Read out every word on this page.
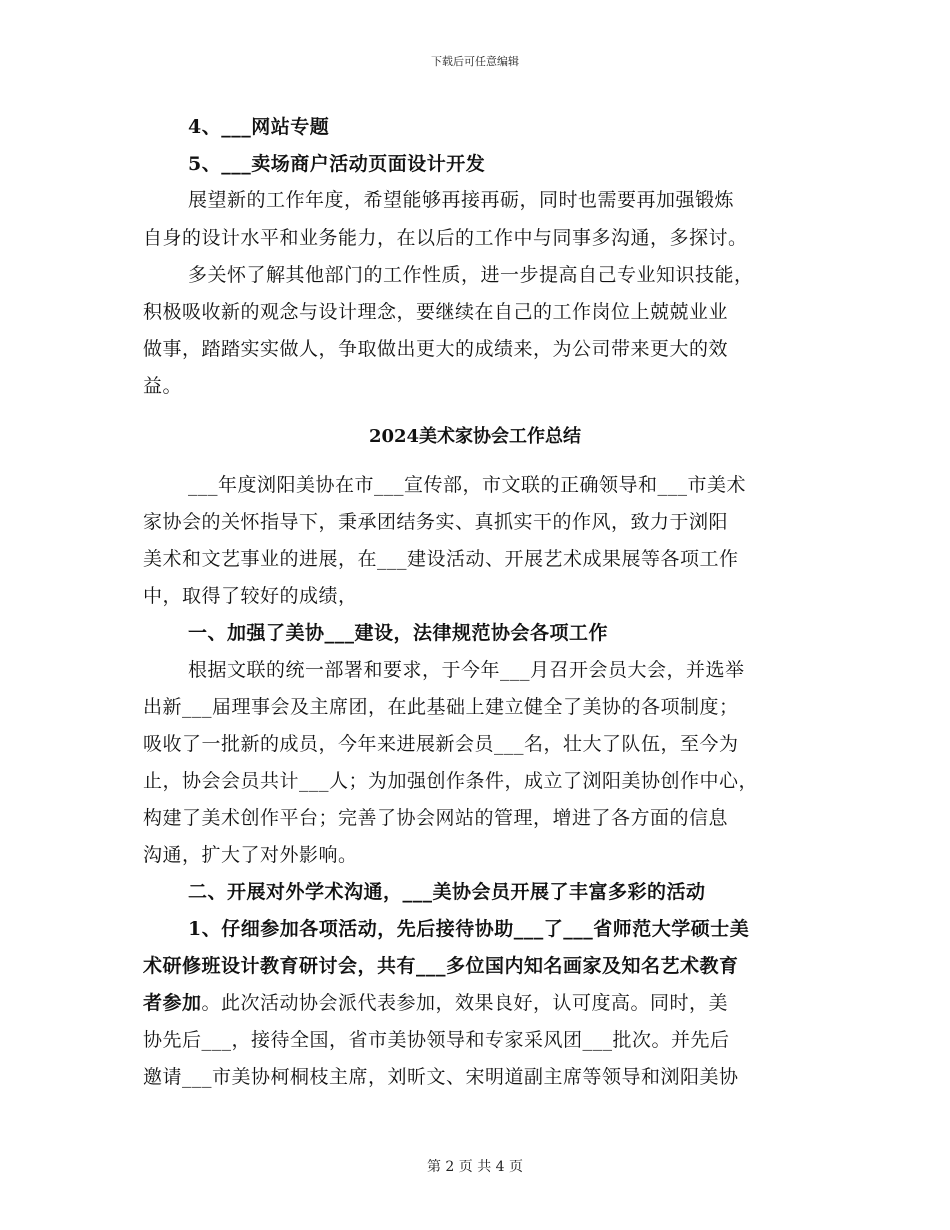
下载后可任意编辑
4、___网站专题
5、___卖场商户活动页面设计开发
展望新的工作年度，希望能够再接再砺，同时也需要再加强锻炼
自身的设计水平和业务能力，在以后的工作中与同事多沟通，多探讨。
多关怀了解其他部门的工作性质，进一步提高自己专业知识技能，
积极吸收新的观念与设计理念，要继续在自己的工作岗位上兢兢业业
做事，踏踏实实做人，争取做出更大的成绩来，为公司带来更大的效
益。
2024美术家协会工作总结
___年度浏阳美协在市___宣传部，市文联的正确领导和___市美术
家协会的关怀指导下，秉承团结务实、真抓实干的作风，致力于浏阳
美术和文艺事业的进展，在___建设活动、开展艺术成果展等各项工作
中，取得了较好的成绩，
一、加强了美协___建设，法律规范协会各项工作
根据文联的统一部署和要求，于今年___月召开会员大会，并选举
出新___届理事会及主席团，在此基础上建立健全了美协的各项制度；
吸收了一批新的成员，今年来进展新会员___名，壮大了队伍，至今为
止，协会会员共计___人；为加强创作条件，成立了浏阳美协创作中心，
构建了美术创作平台；完善了协会网站的管理，增进了各方面的信息
沟通，扩大了对外影响。
二、开展对外学术沟通，___美协会员开展了丰富多彩的活动
1、仔细参加各项活动，先后接待协助___了___省师范大学硕士美
术研修班设计教育研讨会，共有___多位国内知名画家及知名艺术教育
者参加。此次活动协会派代表参加，效果良好，认可度高。同时，美
协先后___，接待全国，省市美协领导和专家采风团___批次。并先后
邀请___市美协柯桐枝主席，刘昕文、宋明道副主席等领导和浏阳美协
第 2 页 共 4 页
